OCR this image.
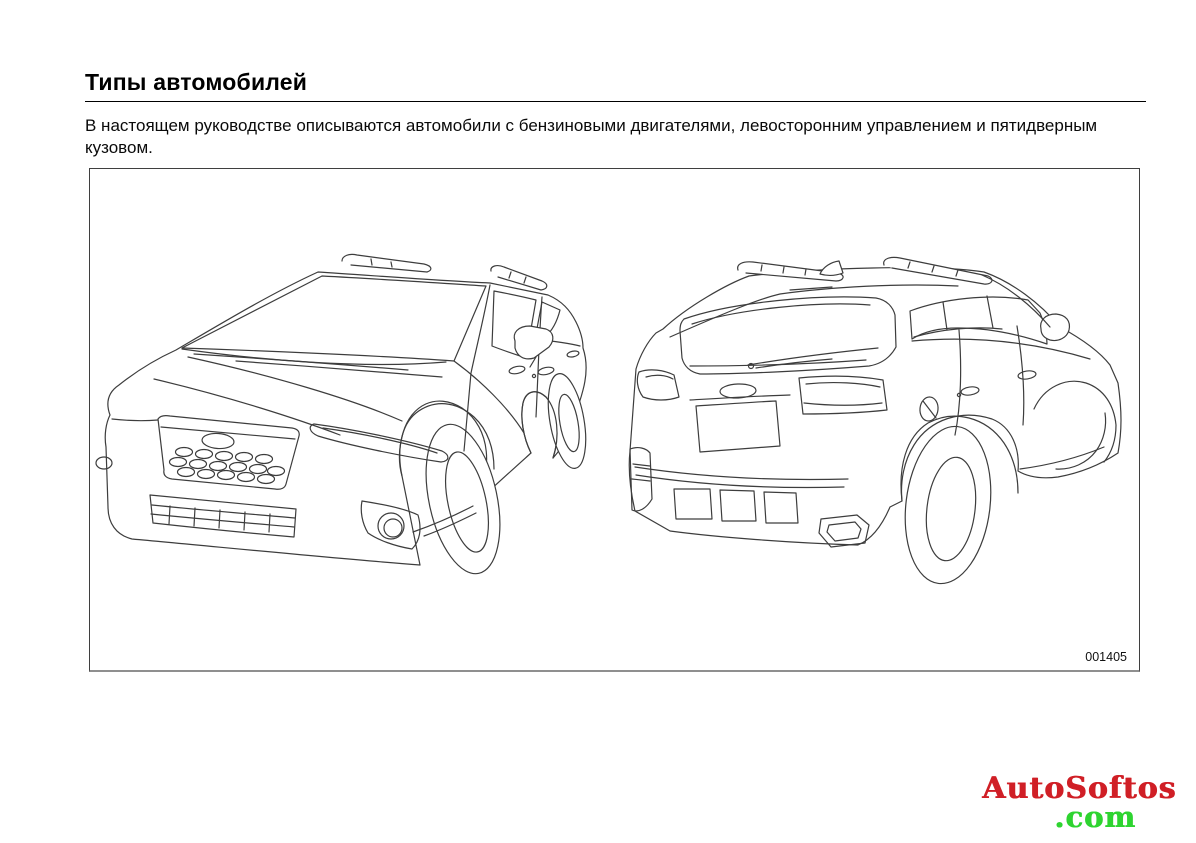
Типы автомобилей
В настоящем руководстве описываются автомобили с бензиновыми двигателями, левосторонним управлением и пятидверным
кузовом.
001405
AutoSoftos
.com
